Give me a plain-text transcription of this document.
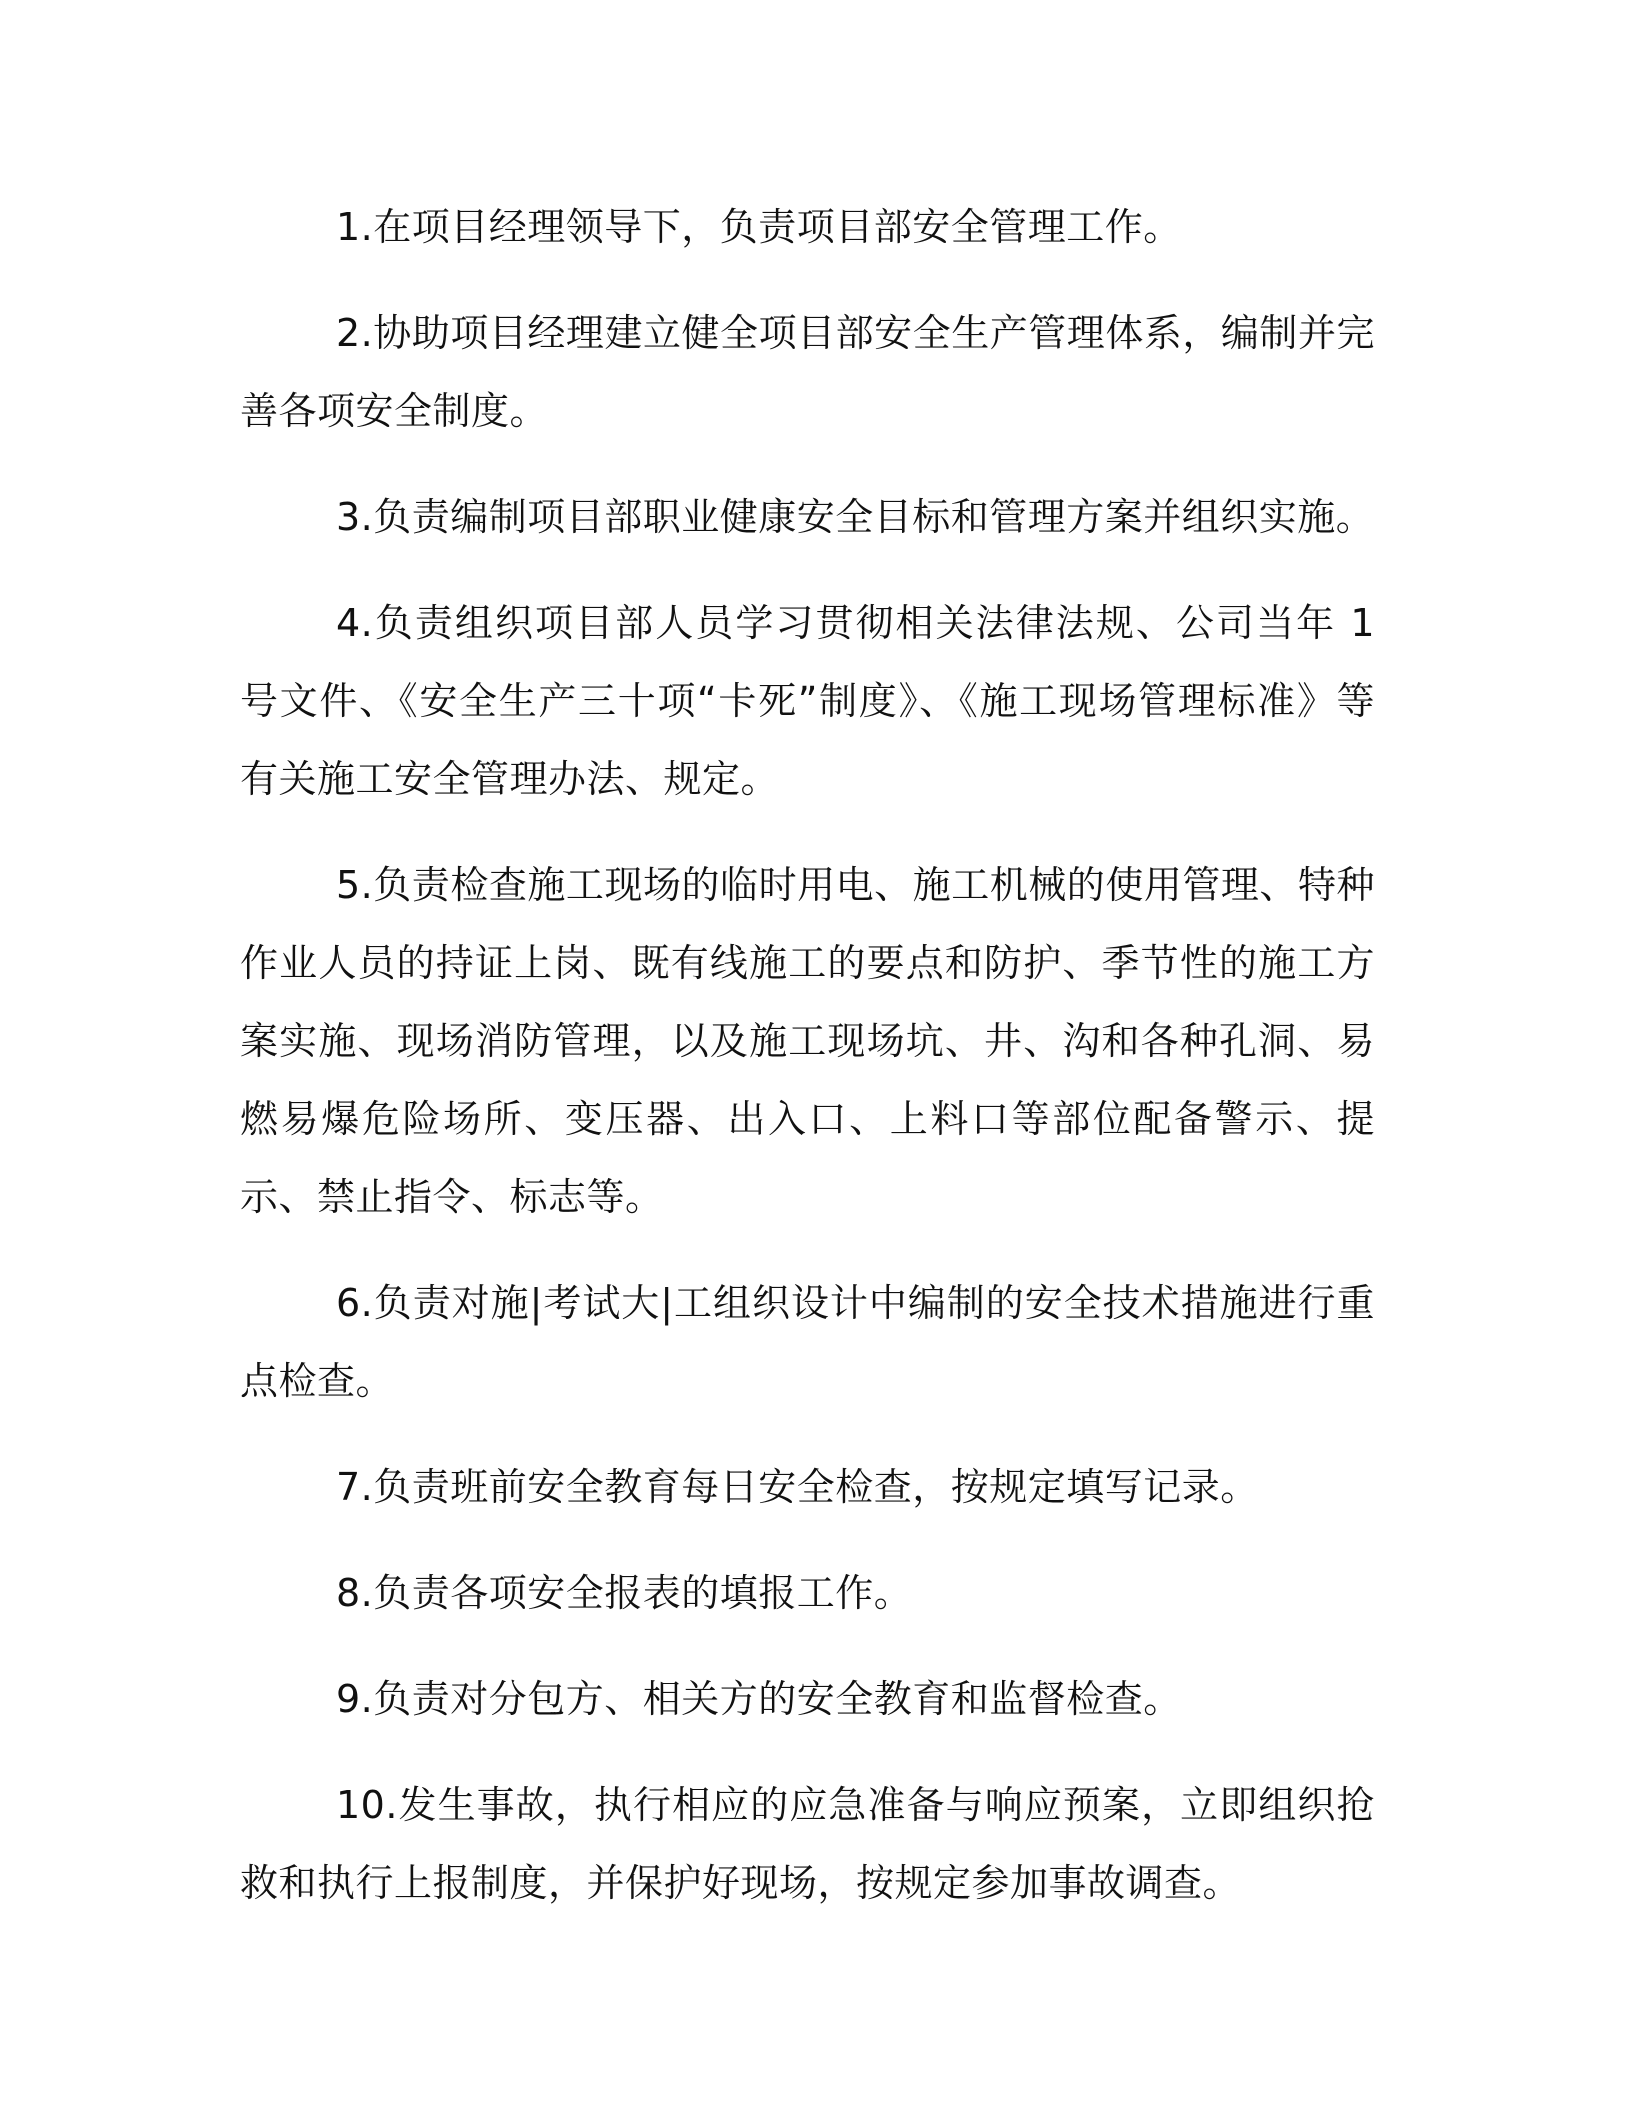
1.在项目经理领导下，负责项目部安全管理工作。

2.协助项目经理建立健全项目部安全生产管理体系，编制并完善各项安全制度。

3.负责编制项目部职业健康安全目标和管理方案并组织实施。

4.负责组织项目部人员学习贯彻相关法律法规、公司当年 1 号文件、《安全生产三十项“卡死”制度》、《施工现场管理标准》等有关施工安全管理办法、规定。

5.负责检查施工现场的临时用电、施工机械的使用管理、特种作业人员的持证上岗、既有线施工的要点和防护、季节性的施工方案实施、现场消防管理，以及施工现场坑、井、沟和各种孔洞、易燃易爆危险场所、变压器、出入口、上料口等部位配备警示、提示、禁止指令、标志等。

6.负责对施|考试大|工组织设计中编制的安全技术措施进行重点检查。

7.负责班前安全教育每日安全检查，按规定填写记录。

8.负责各项安全报表的填报工作。

9.负责对分包方、相关方的安全教育和监督检查。

10.发生事故，执行相应的应急准备与响应预案，立即组织抢救和执行上报制度，并保护好现场，按规定参加事故调查。
